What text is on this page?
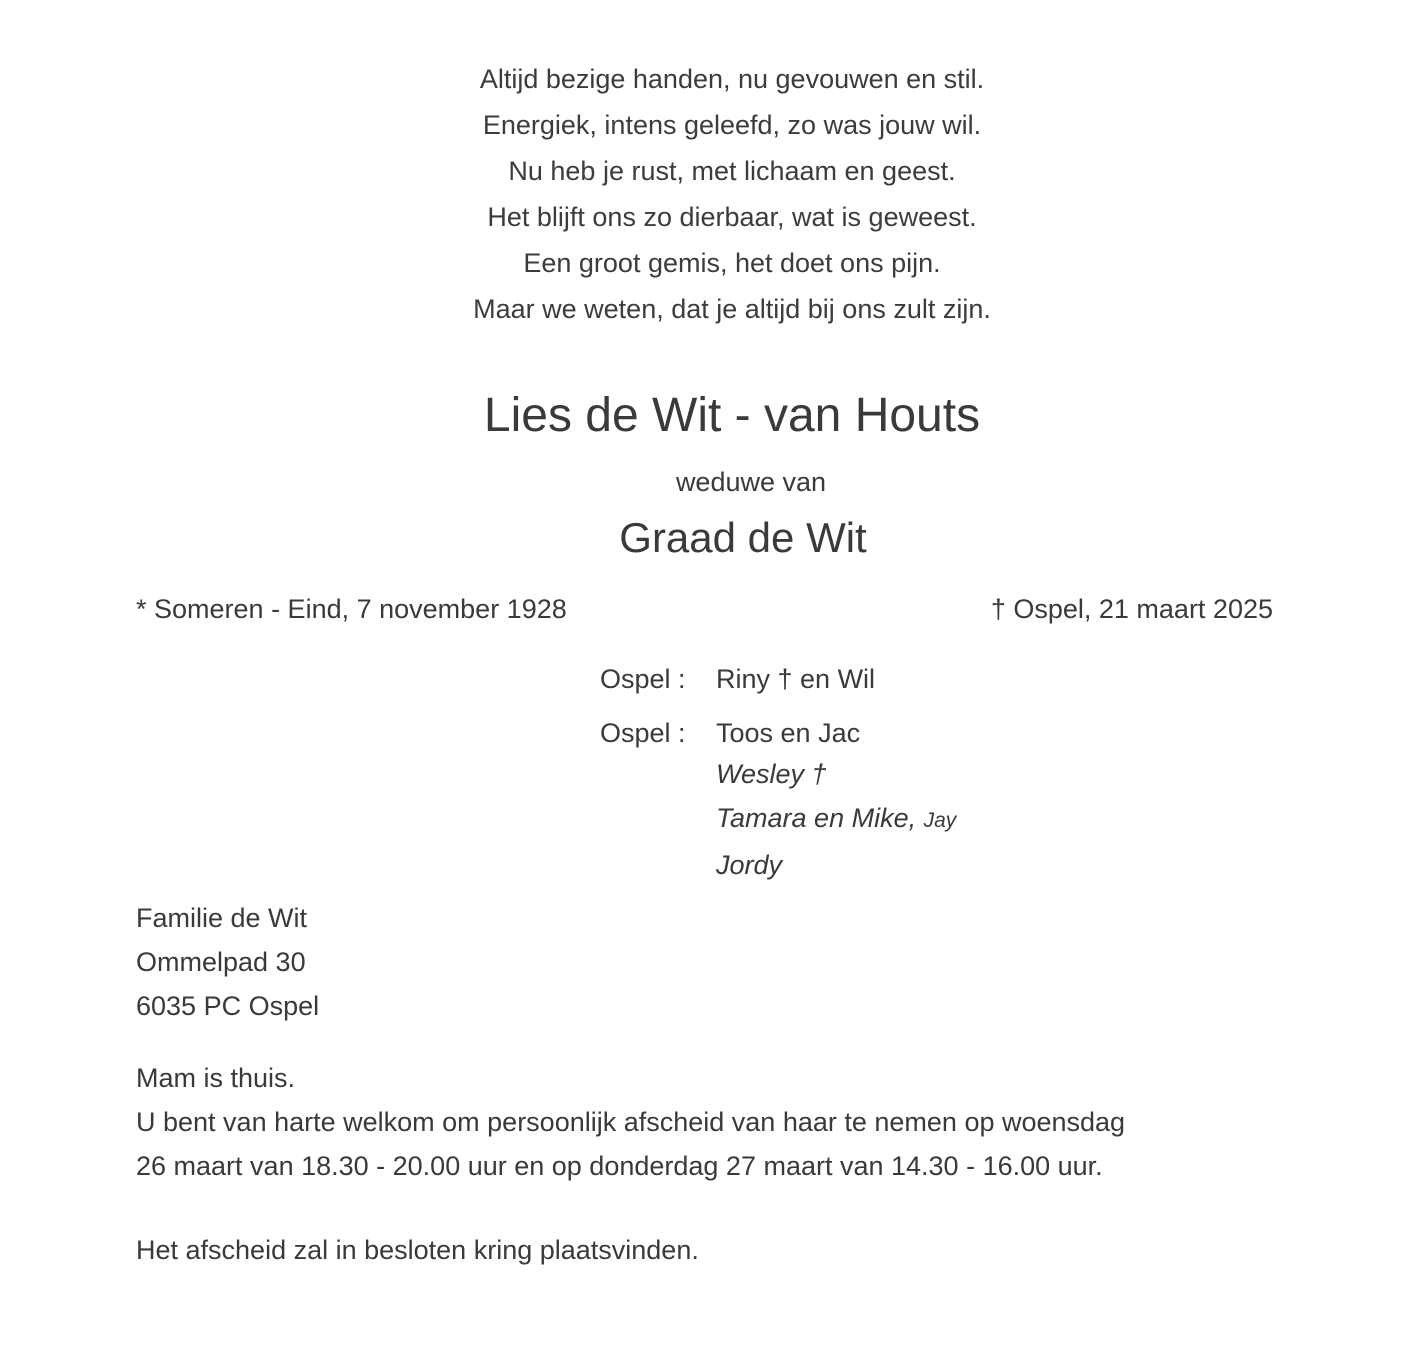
Altijd bezige handen, nu gevouwen en stil.
Energiek, intens geleefd, zo was jouw wil.
Nu heb je rust, met lichaam en geest.
Het blijft ons zo dierbaar, wat is geweest.
Een groot gemis, het doet ons pijn.
Maar we weten, dat je altijd bij ons zult zijn.
Lies de Wit - van Houts
weduwe van
Graad de Wit
* Someren - Eind, 7 november 1928	† Ospel, 21 maart 2025
Ospel :	Riny † en Wil
Ospel :	Toos en Jac
Wesley †
Tamara en Mike, Jay
Jordy
Familie de Wit
Ommelpad 30
6035 PC Ospel
Mam is thuis.
U bent van harte welkom om persoonlijk afscheid van haar te nemen op woensdag
26 maart van 18.30 - 20.00 uur en op donderdag 27 maart van 14.30 - 16.00 uur.
Het afscheid zal in besloten kring plaatsvinden.
